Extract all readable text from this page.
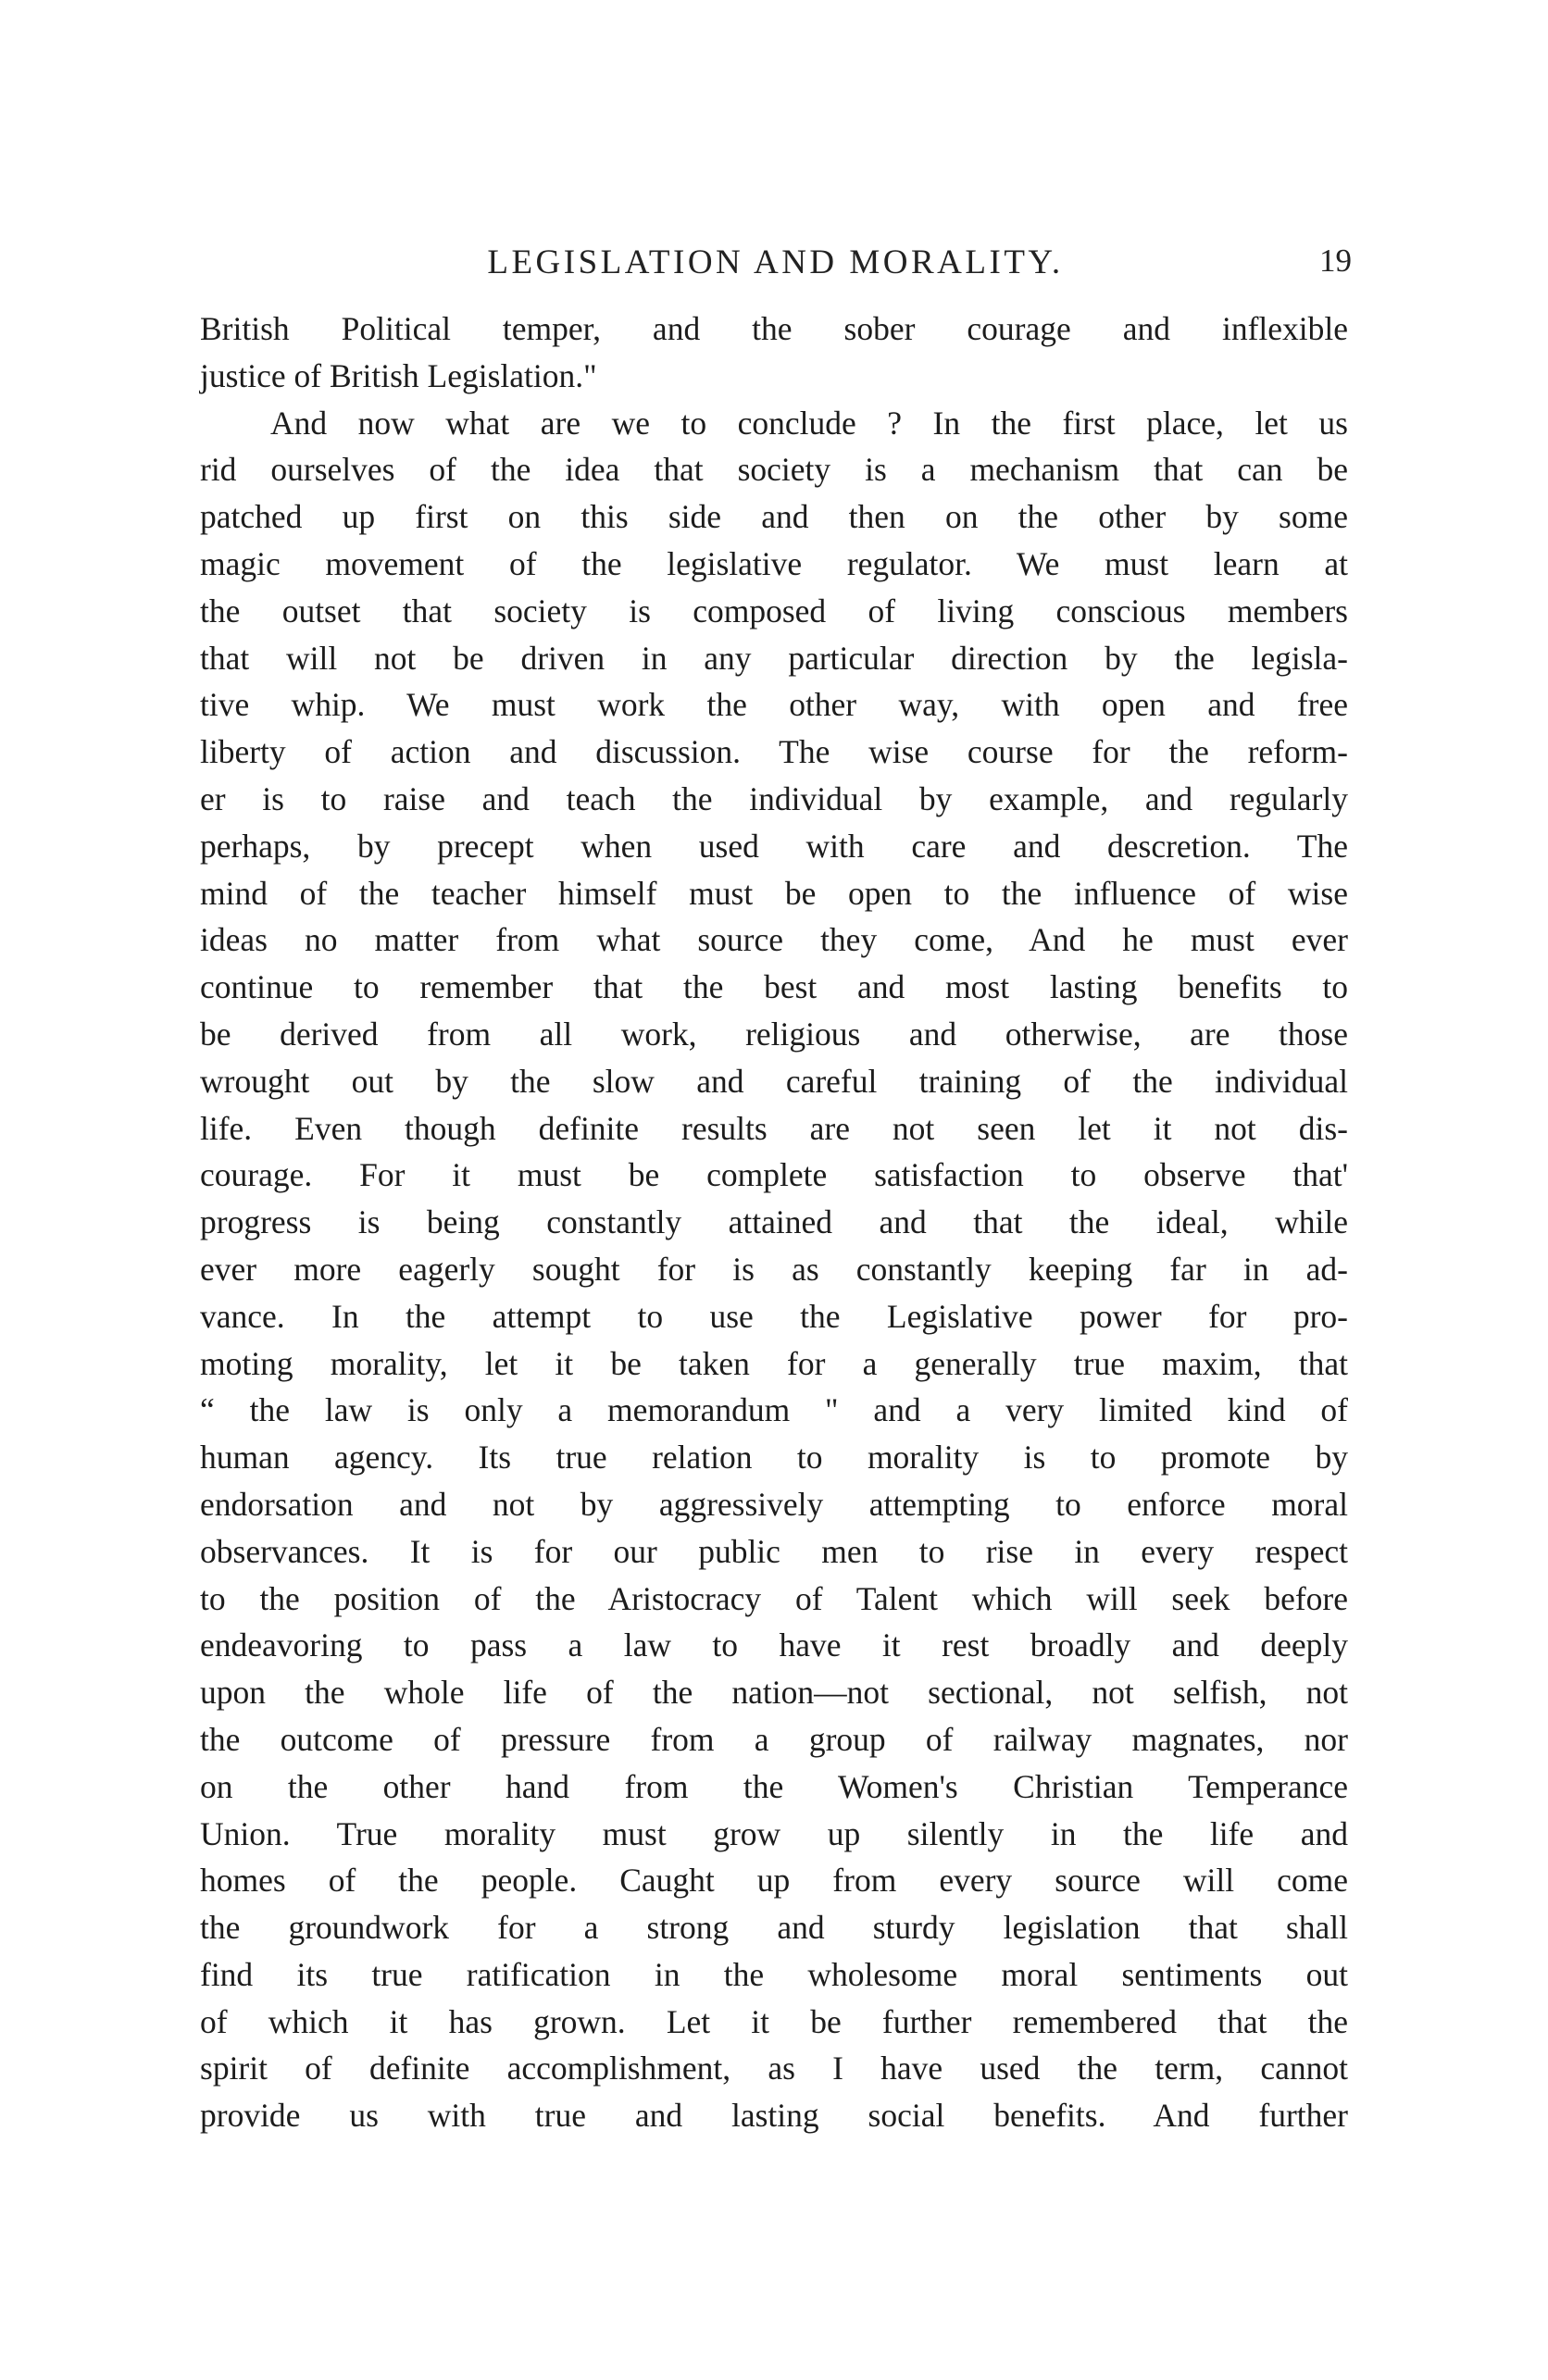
LEGISLATION AND MORALITY.	19
British Political temper, and the sober courage and inflexible
justice of British Legislation."
And now what are we to conclude ? In the first place, let us
rid ourselves of the idea that society is a mechanism that can be
patched up first on this side and then on the other by some
magic movement of the legislative regulator. We must learn at
the outset that society is composed of living conscious members
that will not be driven in any particular direction by the legisla-
tive whip. We must work the other way, with open and free
liberty of action and discussion. The wise course for the reform-
er is to raise and teach the individual by example, and regularly
perhaps, by precept when used with care and descretion. The
mind of the teacher himself must be open to the influence of wise
ideas no matter from what source they come, And he must ever
continue to remember that the best and most lasting benefits to
be derived from all work, religious and otherwise, are those
wrought out by the slow and careful training of the individual
life. Even though definite results are not seen let it not dis-
courage. For it must be complete satisfaction to observe that'
progress is being constantly attained and that the ideal, while
ever more eagerly sought for is as constantly keeping far in ad-
vance. In the attempt to use the Legislative power for pro-
moting morality, let it be taken for a generally true maxim, that
“ the law is only a memorandum " and a very limited kind of
human agency. Its true relation to morality is to promote by
endorsation and not by aggressively attempting to enforce moral
observances. It is for our public men to rise in every respect
to the position of the Aristocracy of Talent which will seek before
endeavoring to pass a law to have it rest broadly and deeply
upon the whole life of the nation—not sectional, not selfish, not
the outcome of pressure from a group of railway magnates, nor
on the other hand from the Women's Christian Temperance
Union. True morality must grow up silently in the life and
homes of the people. Caught up from every source will come
the groundwork for a strong and sturdy legislation that shall
find its true ratification in the wholesome moral sentiments out
of which it has grown. Let it be further remembered that the
spirit of definite accomplishment, as I have used the term, cannot
provide us with true and lasting social benefits. And further
